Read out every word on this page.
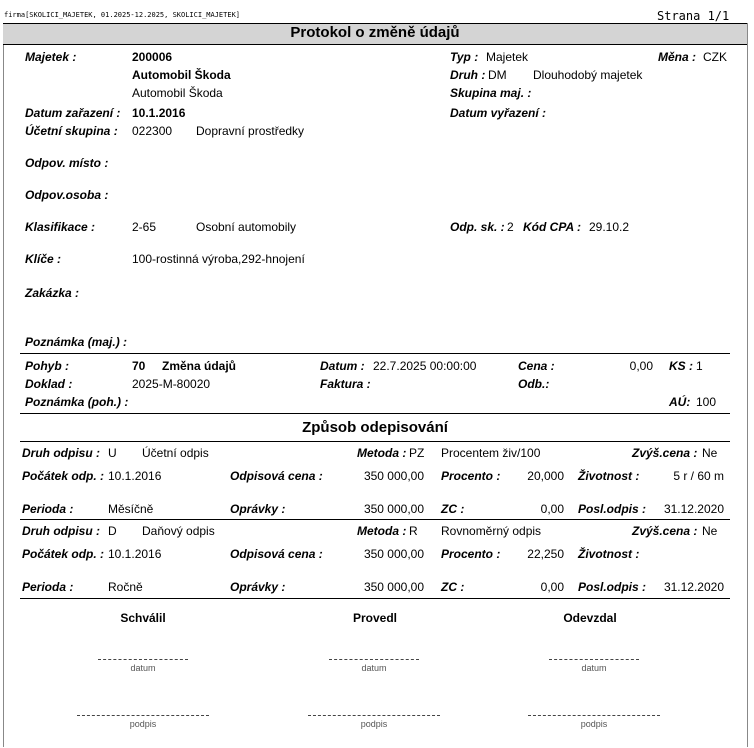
firma[SKOLICI_MAJETEK, 01.2025-12.2025, SKOLICI_MAJETEK]	Strana 1/1
Protokol o změně údajů
Majetek :	200006
Automobil Škoda
Automobil Škoda
Typ : Majetek	Měna : CZK
Druh : DM Dlouhodobý majetek
Skupina maj. :
Datum zařazení : 10.1.2016	Datum vyřazení :
Účetní skupina : 022300 Dopravní prostředky
Odpov. místo :
Odpov.osoba :
Klasifikace :	2-65	Osobní automobily	Odp. sk. : 2 Kód CPA : 29.10.2
Klíče :	100-rostinná výroba,292-hnojení
Zakázka :
Poznámka (maj.) :
Pohyb :	70 Změna údajů	Datum : 22.7.2025 00:00:00	Cena :	0,00 KS : 1
Doklad :	2025-M-80020	Faktura :	Odb.:
Poznámka (poh.) :	AÚ: 100
Způsob odepisování
Druh odpisu : U Účetní odpis	Metoda : PZ Procentem živ/100	Zvýš.cena : Ne
Počátek odp. : 10.1.2016	Odpisová cena :	350 000,00 Procento :	20,000 Životnost :	5 r / 60 m
Perioda :	Měsíčně	Oprávky :	350 000,00 ZC :	0,00 Posl.odpis :	31.12.2020
Druh odpisu : D Daňový odpis	Metoda : R Rovnoměrný odpis	Zvýš.cena : Ne
Počátek odp. : 10.1.2016	Odpisová cena :	350 000,00 Procento :	22,250 Životnost :
Perioda :	Ročně	Oprávky :	350 000,00 ZC :	0,00 Posl.odpis :	31.12.2020
Schválil	Provedl	Odevzdal
datum	datum	datum
podpis	podpis	podpis
